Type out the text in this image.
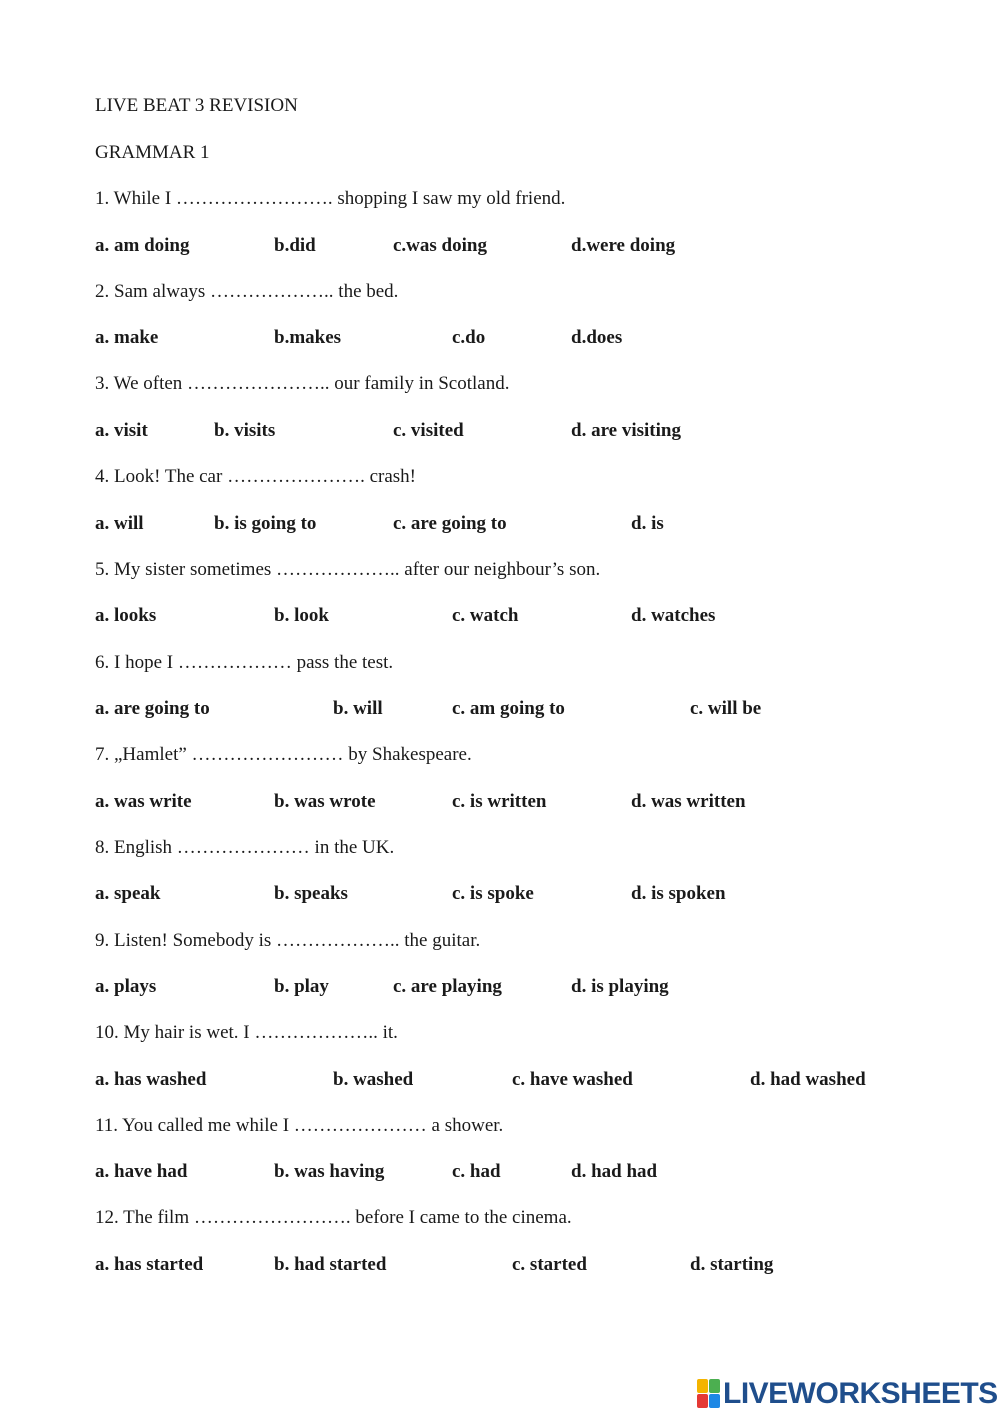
LIVE BEAT 3 REVISION
GRAMMAR 1
1. While I ……………………. shopping I saw my old friend.
a. am doing	b.did	c.was doing	d.were doing
2. Sam always ……………….. the bed.
a. make	b.makes	c.do	d.does
3. We often ………………….. our family in Scotland.
a. visit	b. visits	c. visited	d. are visiting
4. Look! The car …………………. crash!
a. will	b. is going to	c. are going to	d. is
5. My sister sometimes ……………….. after our neighbour’s son.
a. looks	b. look	c. watch	d. watches
6. I hope I ……………… pass the test.
a. are going to	b. will	c. am going to	c. will be
7. „Hamlet” …………………… by Shakespeare.
a. was write	b. was wrote	c. is written	d. was written
8. English ………………… in the UK.
a. speak	b. speaks	c. is spoke	d. is spoken
9. Listen! Somebody is ……………….. the guitar.
a. plays	b. play	c. are playing	d. is playing
10. My hair is wet. I ……………….. it.
a. has washed	b. washed	c. have washed	d. had washed
11. You called me while I ………………… a shower.
a. have had	b. was having	c. had	d. had had
12. The film ……………………. before I came to the cinema.
a. has started	b. had started	c. started	d. starting
LIVEWORKSHEETS
